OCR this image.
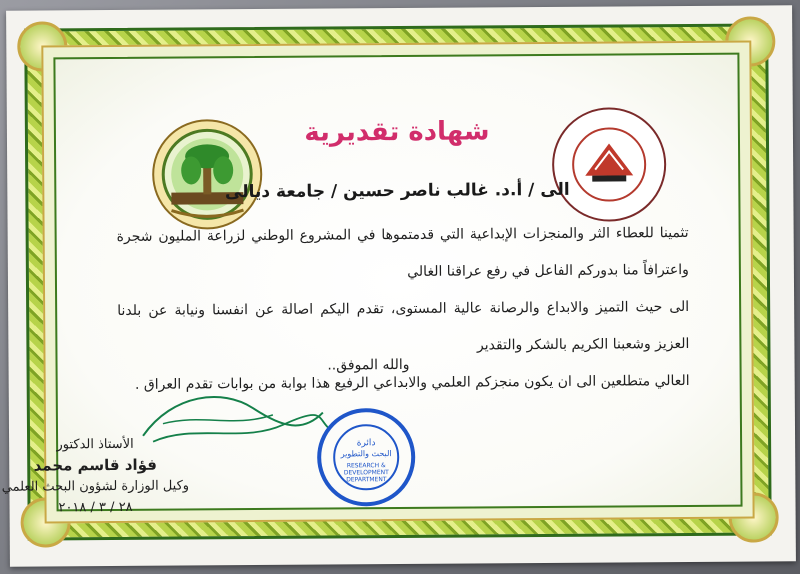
شهادة تقديرية
الى / أ.د. غالب ناصر حسين / جامعة ديالى

تثمينا للعطاء الثر والمنجزات الإبداعية التي قدمتموها في المشروع الوطني لزراعة المليون شجرة واعترافاً منا بدوركم الفاعل في رفع عراقنا الغالي

الى حيث التميز والابداع والرصانة عالية المستوى، تقدم اليكم اصالة عن انفسنا ونيابة عن بلدنا العزيز وشعبنا الكريم بالشكر والتقدير

العالي متطلعين الى ان يكون منجزكم العلمي والابداعي الرفيع هذا بوابة من بوابات تقدم العراق .

والله الموفق..
الأستاذ الدكتور
فؤاد قاسم محمد
وكيل الوزارة لشؤون البحث العلمي
٢٨ / ٣ / ٢٠١٨
دائرة
البحث والتطوير
RESEARCH &
DEVELOPMENT
DEPARTMENT
